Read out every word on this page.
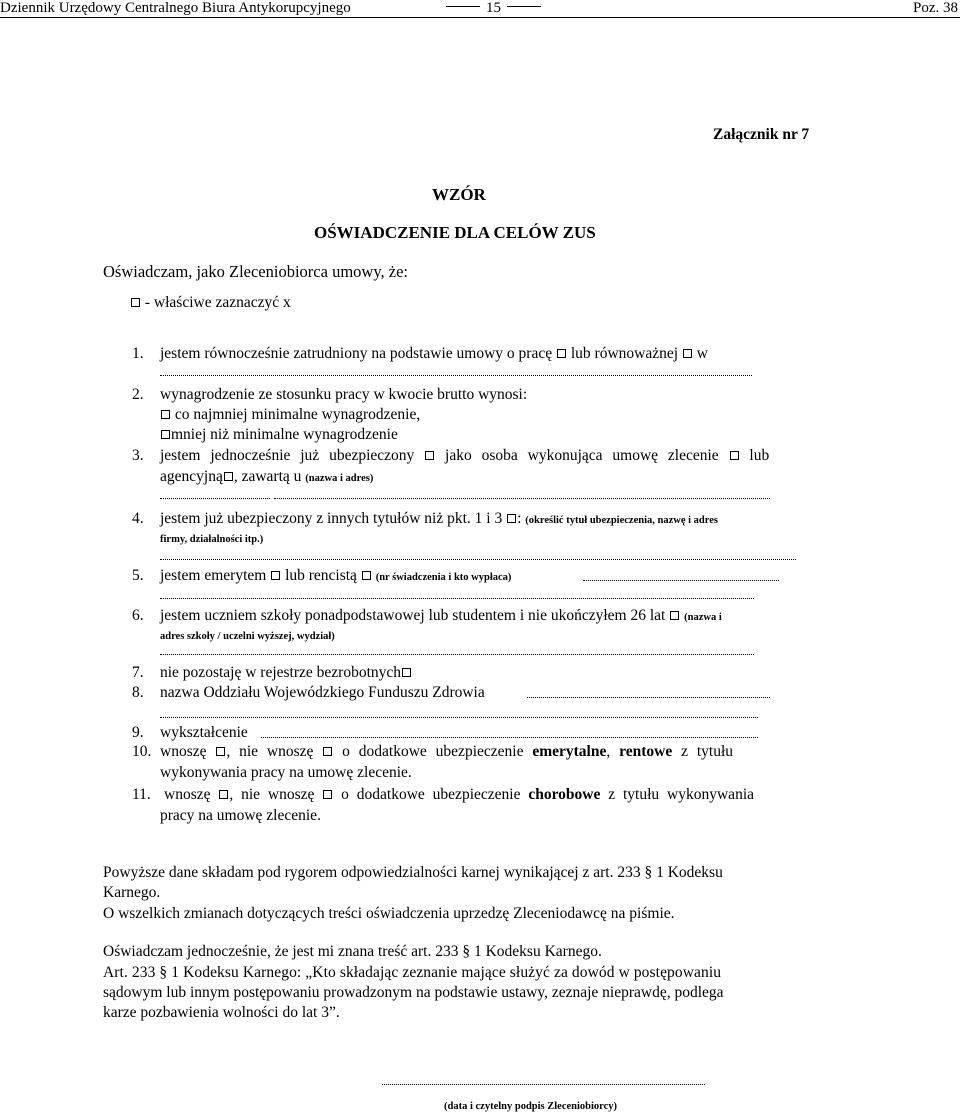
Dziennik Urzędowy Centralnego Biura Antykorupcyjnego	15	Poz. 38
Załącznik nr 7
WZÓR
OŚWIADCZENIE DLA CELÓW ZUS
Oświadczam, jako Zleceniobiorca umowy, że:
- właściwe zaznaczyć x
1. jestem równocześnie zatrudniony na podstawie umowy o pracę lub równoważnej w
2. wynagrodzenie ze stosunku pracy w kwocie brutto wynosi:
co najmniej minimalne wynagrodzenie,
mniej niż minimalne wynagrodzenie
3. jestem jednocześnie już ubezpieczony jako osoba wykonująca umowę zlecenie lub
agencyjną , zawartą u (nazwa i adres)
4. jestem już ubezpieczony z innych tytułów niż pkt. 1 i 3 : (określić tytuł ubezpieczenia, nazwę i adres
firmy, działalności itp.)
5. jestem emerytem lub rencistą (nr świadczenia i kto wypłaca)
6. jestem uczniem szkoły ponadpodstawowej lub studentem i nie ukończyłem 26 lat (nazwa i
adres szkoły / uczelni wyższej, wydział)
7. nie pozostaję w rejestrze bezrobotnych
8. nazwa Oddziału Wojewódzkiego Funduszu Zdrowia
9. wykształcenie
10. wnoszę , nie wnoszę o dodatkowe ubezpieczenie emerytalne, rentowe z tytułu
wykonywania pracy na umowę zlecenie.
11. wnoszę , nie wnoszę o dodatkowe ubezpieczenie chorobowe z tytułu wykonywania
pracy na umowę zlecenie.
Powyższe dane składam pod rygorem odpowiedzialności karnej wynikającej z art. 233 § 1 Kodeksu
Karnego.
O wszelkich zmianach dotyczących treści oświadczenia uprzedzę Zleceniodawcę na piśmie.
Oświadczam jednocześnie, że jest mi znana treść art. 233 § 1 Kodeksu Karnego.
Art. 233 § 1 Kodeksu Karnego: „Kto składając zeznanie mające służyć za dowód w postępowaniu
sądowym lub innym postępowaniu prowadzonym na podstawie ustawy, zeznaje nieprawdę, podlega
karze pozbawienia wolności do lat 3”.
(data i czytelny podpis Zleceniobiorcy)
